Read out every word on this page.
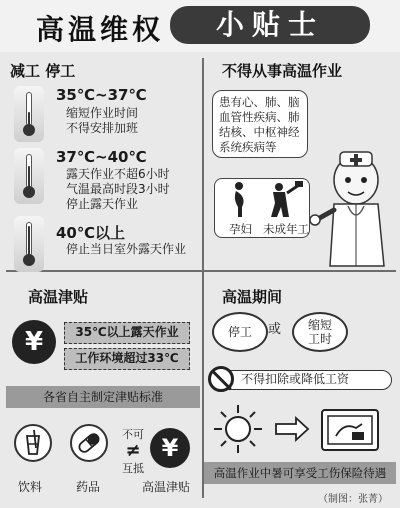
高温维权	小贴士
减工 停工
35℃~37℃
缩短作业时间
不得安排加班
37℃~40℃
露天作业不超6小时
气温最高时段3小时
停止露天作业
40℃以上
停止当日室外露天作业
不得从事高温作业
患有心、肺、脑
血管性疾病、肺
结核、中枢神经
系统疾病等
孕妇 未成年工
高温津贴
¥	35℃以上露天作业
工作环境超过33℃
各省自主制定津贴标准
饮料	药品
不可
≠
互抵
¥
高温津贴
高温期间
停工 或 缩短
工时
不得扣除或降低工资
高温作业中暑可享受工伤保险待遇
（制图：张菁）
